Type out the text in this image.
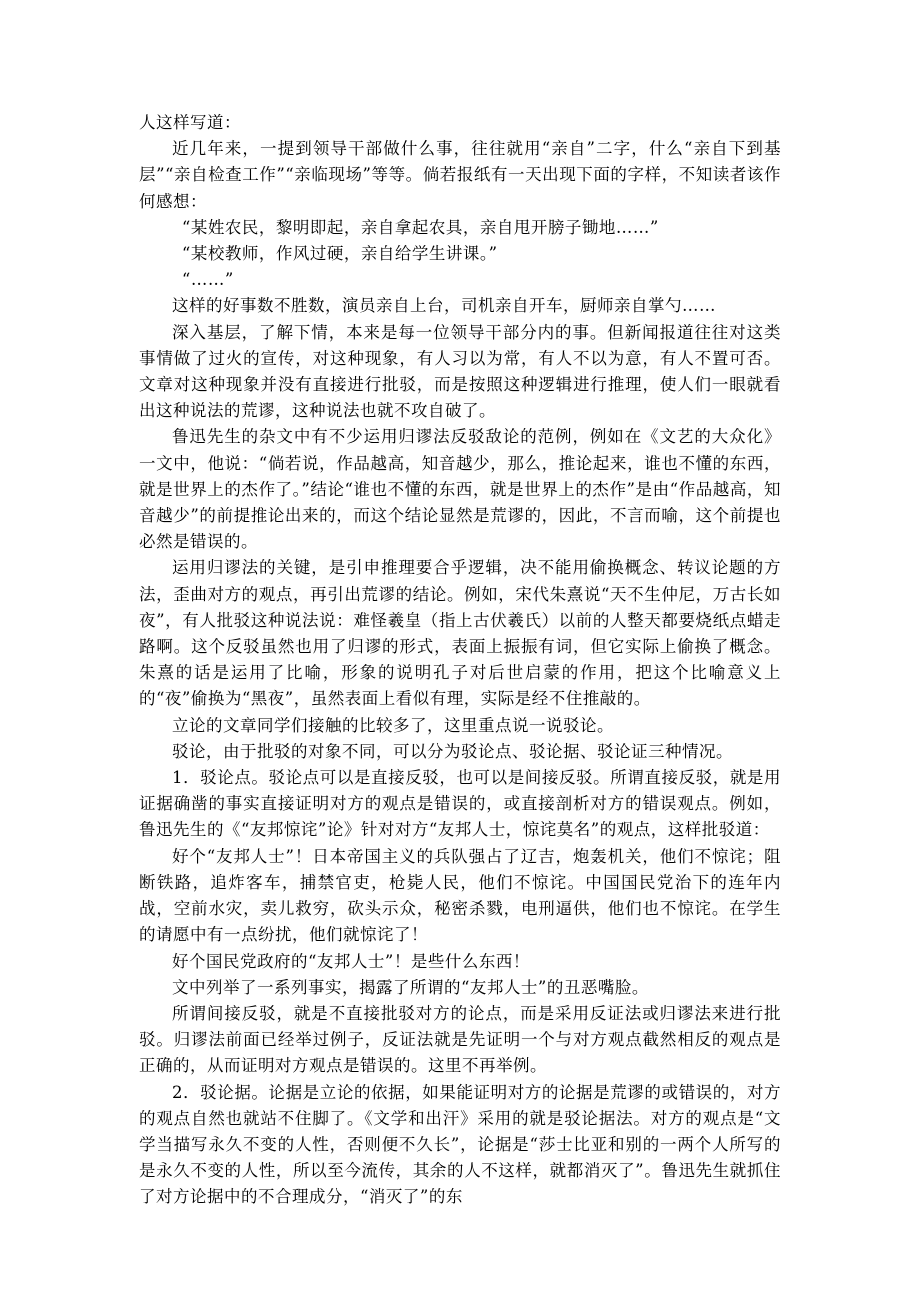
人这样写道：

近几年来，一提到领导干部做什么事，往往就用“亲自”二字，什么“亲自下到基层”“亲自检查工作”“亲临现场”等等。倘若报纸有一天出现下面的字样，不知读者该作何感想：

“某姓农民，黎明即起，亲自拿起农具，亲自甩开膀子锄地……”

“某校教师，作风过硬，亲自给学生讲课。”

“……”

这样的好事数不胜数，演员亲自上台，司机亲自开车，厨师亲自掌勺……

深入基层，了解下情，本来是每一位领导干部分内的事。但新闻报道往往对这类事情做了过火的宣传，对这种现象，有人习以为常，有人不以为意，有人不置可否。文章对这种现象并没有直接进行批驳，而是按照这种逻辑进行推理，使人们一眼就看出这种说法的荒谬，这种说法也就不攻自破了。

鲁迅先生的杂文中有不少运用归谬法反驳敌论的范例，例如在《文艺的大众化》一文中，他说：“倘若说，作品越高，知音越少，那么，推论起来，谁也不懂的东西，就是世界上的杰作了。”结论“谁也不懂的东西，就是世界上的杰作”是由“作品越高，知音越少”的前提推论出来的，而这个结论显然是荒谬的，因此，不言而喻，这个前提也必然是错误的。

运用归谬法的关键，是引申推理要合乎逻辑，决不能用偷换概念、转议论题的方法，歪曲对方的观点，再引出荒谬的结论。例如，宋代朱熹说“天不生仲尼，万古长如夜”，有人批驳这种说法说：难怪羲皇（指上古伏羲氏）以前的人整天都要烧纸点蜡走路啊。这个反驳虽然也用了归谬的形式，表面上振振有词，但它实际上偷换了概念。朱熹的话是运用了比喻，形象的说明孔子对后世启蒙的作用，把这个比喻意义上的“夜”偷换为“黑夜”，虽然表面上看似有理，实际是经不住推敲的。

立论的文章同学们接触的比较多了，这里重点说一说驳论。

驳论，由于批驳的对象不同，可以分为驳论点、驳论据、驳论证三种情况。

1．驳论点。驳论点可以是直接反驳，也可以是间接反驳。所谓直接反驳，就是用证据确凿的事实直接证明对方的观点是错误的，或直接剖析对方的错误观点。例如，鲁迅先生的《“友邦惊诧”论》针对对方“友邦人士，惊诧莫名”的观点，这样批驳道：

好个“友邦人士”！日本帝国主义的兵队强占了辽吉，炮轰机关，他们不惊诧；阻断铁路，追炸客车，捕禁官吏，枪毙人民，他们不惊诧。中国国民党治下的连年内战，空前水灾，卖儿救穷，砍头示众，秘密杀戮，电刑逼供，他们也不惊诧。在学生的请愿中有一点纷扰，他们就惊诧了！

好个国民党政府的“友邦人士”！是些什么东西！

文中列举了一系列事实，揭露了所谓的“友邦人士”的丑恶嘴脸。

所谓间接反驳，就是不直接批驳对方的论点，而是采用反证法或归谬法来进行批驳。归谬法前面已经举过例子，反证法就是先证明一个与对方观点截然相反的观点是正确的，从而证明对方观点是错误的。这里不再举例。

2．驳论据。论据是立论的依据，如果能证明对方的论据是荒谬的或错误的，对方的观点自然也就站不住脚了。《文学和出汗》采用的就是驳论据法。对方的观点是“文学当描写永久不变的人性，否则便不久长”，论据是“莎士比亚和别的一两个人所写的是永久不变的人性，所以至今流传，其余的人不这样，就都消灭了”。鲁迅先生就抓住了对方论据中的不合理成分，“消灭了”的东
